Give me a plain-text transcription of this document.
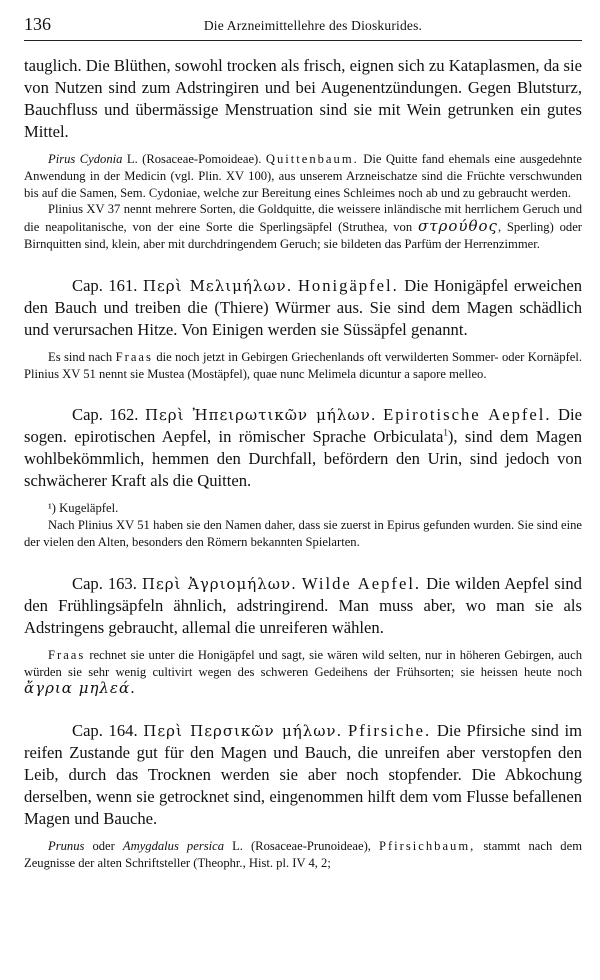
136	Die Arzneimittellehre des Dioskurides.

tauglich. Die Blüthen, sowohl trocken als frisch, eignen sich zu Kataplasmen, da sie von Nutzen sind zum Adstringiren und bei Augenentzündungen. Gegen Blutsturz, Bauchfluss und übermässige Menstruation sind sie mit Wein getrunken ein gutes Mittel.

Pirus Cydonia L. (Rosaceae-Pomoideae). Quittenbaum. Die Quitte fand ehemals eine ausgedehnte Anwendung in der Medicin (vgl. Plin. XV 100), aus unserem Arzneischatze sind die Früchte verschwunden bis auf die Samen, Sem. Cydoniae, welche zur Bereitung eines Schleimes noch ab und zu gebraucht werden.

Plinius XV 37 nennt mehrere Sorten, die Goldquitte, die weissere inländische mit herrlichem Geruch und die neapolitanische, von der eine Sorte die Sperlingsäpfel (Struthea, von στρούθος, Sperling) oder Birnquitten sind, klein, aber mit durchdringendem Geruch; sie bildeten das Parfüm der Herrenzimmer.

Cap. 161. Περὶ Μελιμήλων. Honigäpfel. Die Honigäpfel erweichen den Bauch und treiben die (Thiere) Würmer aus. Sie sind dem Magen schädlich und verursachen Hitze. Von Einigen werden sie Süssäpfel genannt.

Es sind nach Fraas die noch jetzt in Gebirgen Griechenlands oft verwilderten Sommer- oder Kornäpfel. Plinius XV 51 nennt sie Mustea (Mostäpfel), quae nunc Melimela dicuntur a sapore melleo.

Cap. 162. Περὶ Ἠπειρωτικῶν μήλων. Epirotische Aepfel. Die sogen. epirotischen Aepfel, in römischer Sprache Orbiculata$^1$), sind dem Magen wohlbekömmlich, hemmen den Durchfall, befördern den Urin, sind jedoch von schwächerer Kraft als die Quitten.

¹) Kugeläpfel.

Nach Plinius XV 51 haben sie den Namen daher, dass sie zuerst in Epirus gefunden wurden. Sie sind eine der vielen den Alten, besonders den Römern bekannten Spielarten.

Cap. 163. Περὶ Ἀγριομήλων. Wilde Aepfel. Die wilden Aepfel sind den Frühlingsäpfeln ähnlich, adstringirend. Man muss aber, wo man sie als Adstringens gebraucht, allemal die unreiferen wählen.

Fraas rechnet sie unter die Honigäpfel und sagt, sie wären wild selten, nur in höheren Gebirgen, auch würden sie sehr wenig cultivirt wegen des schweren Gedeihens der Frühsorten; sie heissen heute noch ἄγρια μηλεά.

Cap. 164. Περὶ Περσικῶν μήλων. Pfirsiche. Die Pfirsiche sind im reifen Zustande gut für den Magen und Bauch, die unreifen aber verstopfen den Leib, durch das Trocknen werden sie aber noch stopfender. Die Abkochung derselben, wenn sie getrocknet sind, eingenommen hilft dem vom Flusse befallenen Magen und Bauche.

Prunus oder Amygdalus persica L. (Rosaceae-Prunoideae), Pfirsichbaum, stammt nach dem Zeugnisse der alten Schriftsteller (Theophr., Hist. pl. IV 4, 2;
